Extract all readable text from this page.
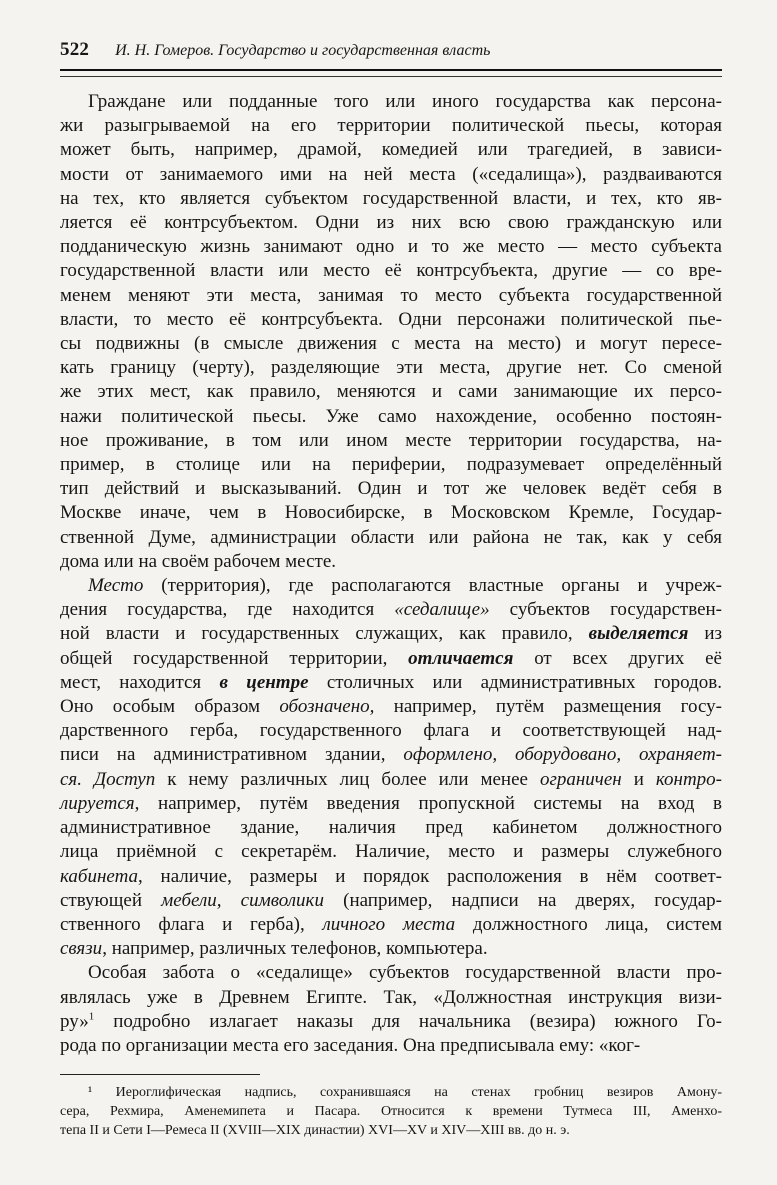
522 И. Н. Гомеров. Государство и государственная власть

Граждане или подданные того или иного государства как персона-
жи разыгрываемой на его территории политической пьесы, которая
может быть, например, драмой, комедией или трагедией, в зависи-
мости от занимаемого ими на ней места («седалища»), раздваиваются
на тех, кто является субъектом государственной власти, и тех, кто яв-
ляется её контрсубъектом. Одни из них всю свою гражданскую или
подданическую жизнь занимают одно и то же место — место субъекта
государственной власти или место её контрсубъекта, другие — со вре-
менем меняют эти места, занимая то место субъекта государственной
власти, то место её контрсубъекта. Одни персонажи политической пье-
сы подвижны (в смысле движения с места на место) и могут пересе-
кать границу (черту), разделяющие эти места, другие нет. Со сменой
же этих мест, как правило, меняются и сами занимающие их персо-
нажи политической пьесы. Уже само нахождение, особенно постоян-
ное проживание, в том или ином месте территории государства, на-
пример, в столице или на периферии, подразумевает определённый
тип действий и высказываний. Один и тот же человек ведёт себя в
Москве иначе, чем в Новосибирске, в Московском Кремле, Государ-
ственной Думе, администрации области или района не так, как у себя
дома или на своём рабочем месте.

Место (территория), где располагаются властные органы и учреж-
дения государства, где находится «седалище» субъектов государствен-
ной власти и государственных служащих, как правило, выделяется из
общей государственной территории, отличается от всех других её
мест, находится в центре столичных или административных городов.
Оно особым образом обозначено, например, путём размещения госу-
дарственного герба, государственного флага и соответствующей над-
писи на административном здании, оформлено, оборудовано, охраняет-
ся. Доступ к нему различных лиц более или менее ограничен и контро-
лируется, например, путём введения пропускной системы на вход в
административное здание, наличия пред кабинетом должностного
лица приёмной с секретарём. Наличие, место и размеры служебного
кабинета, наличие, размеры и порядок расположения в нём соответ-
ствующей мебели, символики (например, надписи на дверях, государ-
ственного флага и герба), личного места должностного лица, систем
связи, например, различных телефонов, компьютера.

Особая забота о «седалище» субъектов государственной власти про-
являлась уже в Древнем Египте. Так, «Должностная инструкция визи-
ру»$^1$ подробно излагает наказы для начальника (везира) южного Го-
рода по организации места его заседания. Она предписывала ему: «ког-

¹ Иероглифическая надпись, сохранившаяся на стенах гробниц везиров Амону-
сера, Рехмира, Аменемипета и Пасара. Относится к времени Тутмеса III, Аменхо-
тепа II и Сети I—Ремеса II (XVIII—XIX династии) XVI—XV и XIV—XIII вв. до н. э.
